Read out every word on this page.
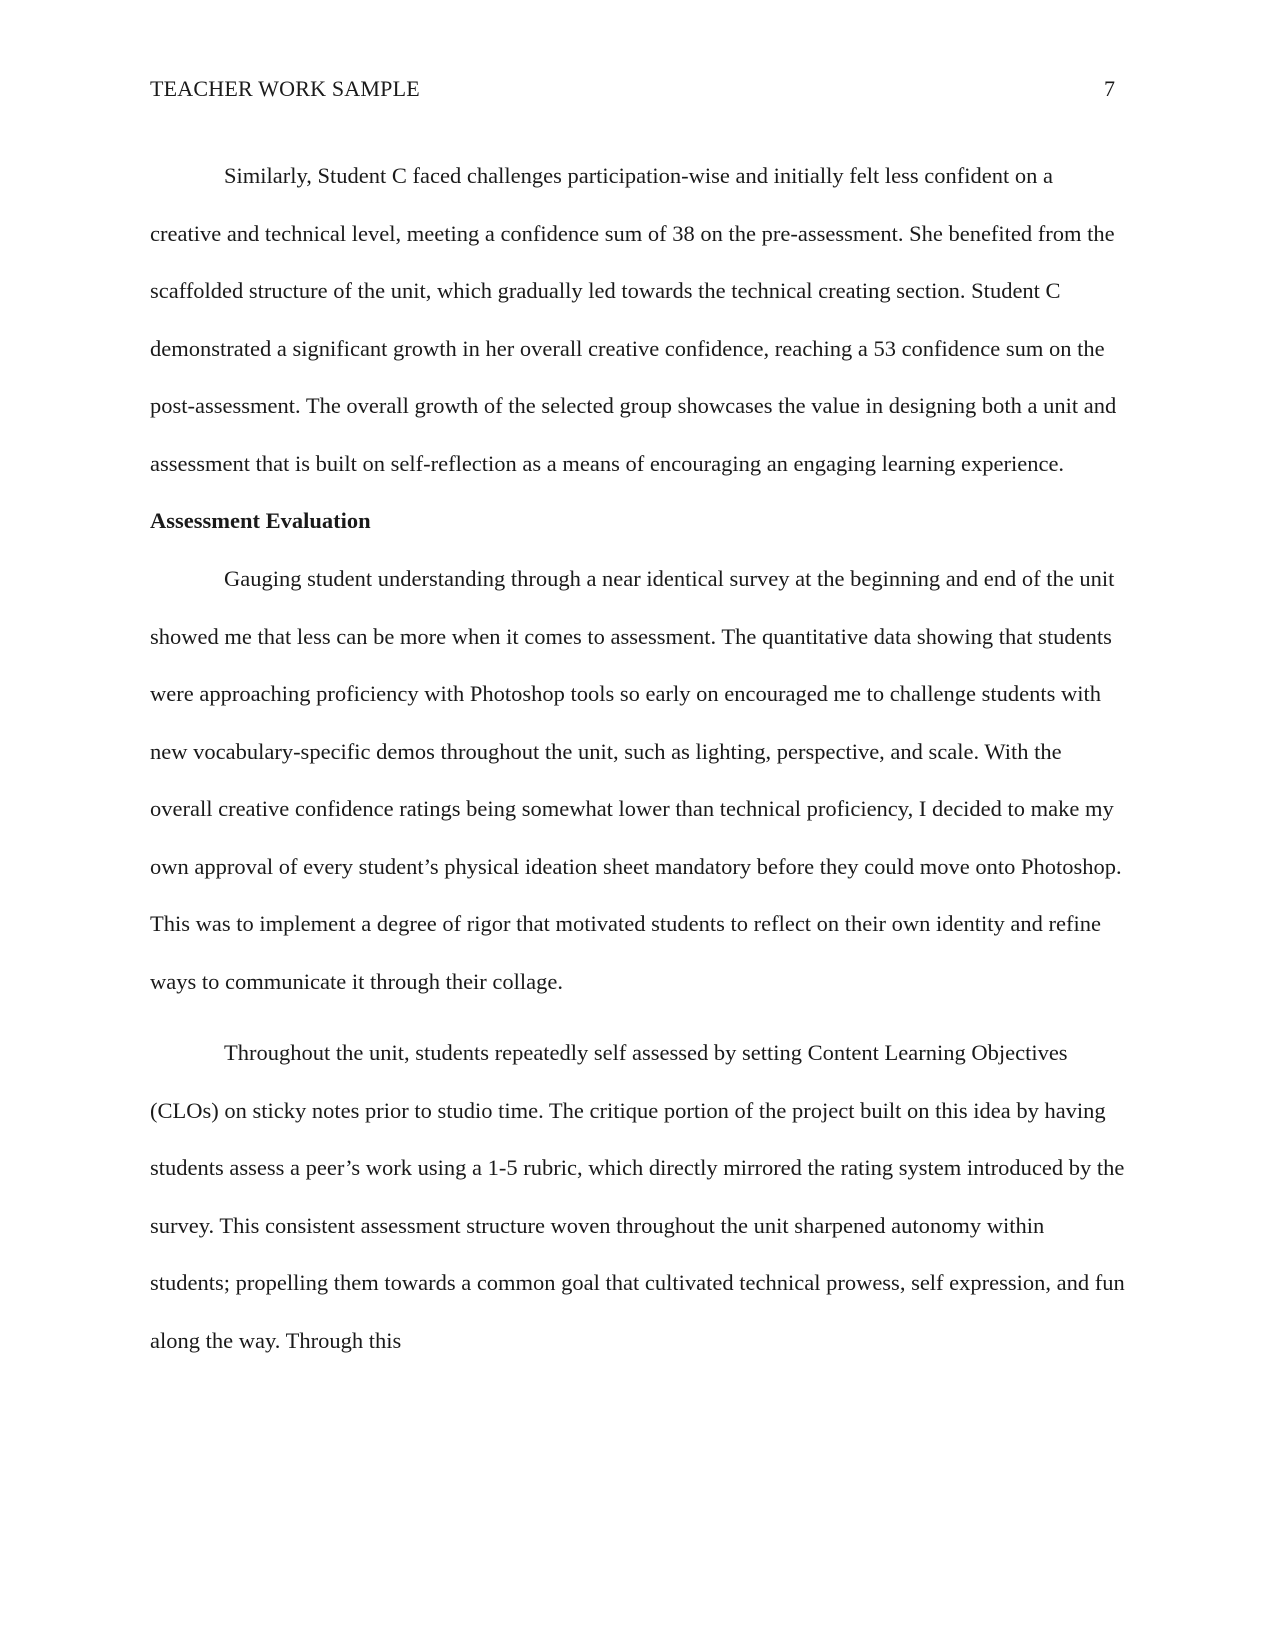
TEACHER WORK SAMPLE	7

Similarly, Student C faced challenges participation-wise and initially felt less confident on a creative and technical level, meeting a confidence sum of 38 on the pre-assessment. She benefited from the scaffolded structure of the unit, which gradually led towards the technical creating section. Student C demonstrated a significant growth in her overall creative confidence, reaching a 53 confidence sum on the post-assessment. The overall growth of the selected group showcases the value in designing both a unit and assessment that is built on self-reflection as a means of encouraging an engaging learning experience.

Assessment Evaluation

Gauging student understanding through a near identical survey at the beginning and end of the unit showed me that less can be more when it comes to assessment. The quantitative data showing that students were approaching proficiency with Photoshop tools so early on encouraged me to challenge students with new vocabulary-specific demos throughout the unit, such as lighting, perspective, and scale. With the overall creative confidence ratings being somewhat lower than technical proficiency, I decided to make my own approval of every student’s physical ideation sheet mandatory before they could move onto Photoshop. This was to implement a degree of rigor that motivated students to reflect on their own identity and refine ways to communicate it through their collage.

Throughout the unit, students repeatedly self assessed by setting Content Learning Objectives (CLOs) on sticky notes prior to studio time. The critique portion of the project built on this idea by having students assess a peer’s work using a 1-5 rubric, which directly mirrored the rating system introduced by the survey. This consistent assessment structure woven throughout the unit sharpened autonomy within students; propelling them towards a common goal that cultivated technical prowess, self expression, and fun along the way. Through this
